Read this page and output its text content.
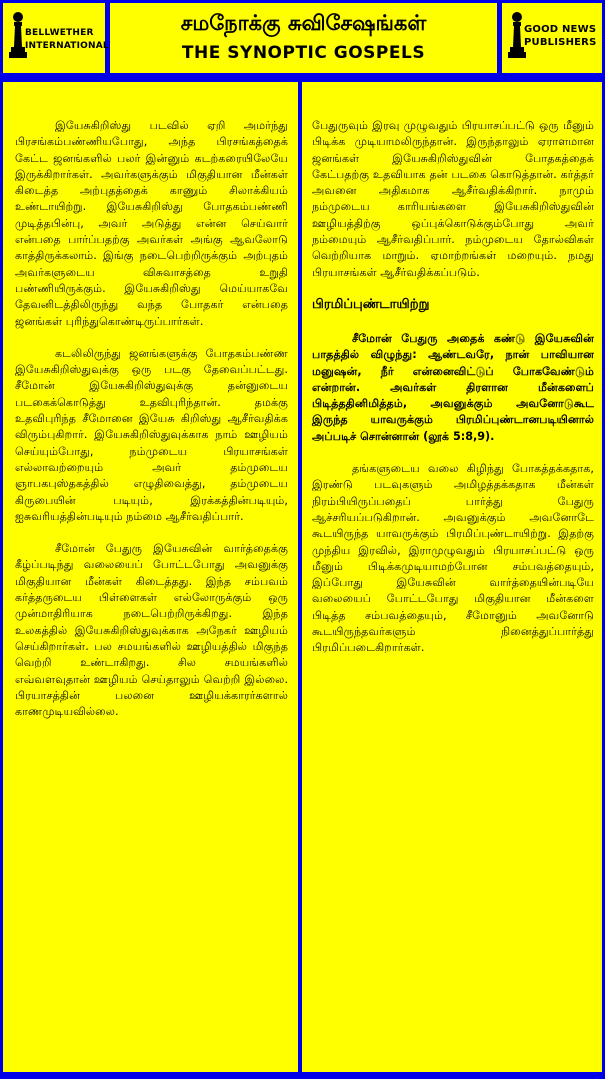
BELLWETHER
INTERNATIONAL
சமநோக்கு சுவிசேஷங்கள்
THE SYNOPTIC GOSPELS
GOOD NEWS
PUBLISHERS

இயேசுகிறிஸ்து படவில் ஏறி அமர்ந்து பிரசங்கம்பண்ணியபோது, அந்த பிரசங்கத்தைக் கேட்ட ஜனங்களில் பலர் இன்னும் கடற்கரையிலேயே இருக்கிறார்கள். அவர்களுக்கும் மிகுதியான மீன்கள் கிடைத்த அற்புதத்தைக் காணும் சிலாக்கியம் உண்டாயிற்று. இயேசுகிறிஸ்து போதகம்பண்ணி முடித்தபின்பு, அவர் அடுத்து என்ன செய்வார் என்பதை பார்ப்பதற்கு அவர்கள் அங்கு ஆவலோடு காத்திருக்கலாம். இங்கு நடைபெற்றிருக்கும் அற்புதம் அவர்களுடைய விசுவாசத்தை உறுதி பண்ணியிருக்கும். இயேசுகிறிஸ்து மெய்யாகவே தேவனிடத்திலிருந்து வந்த போதகர் என்பதை ஜனங்கள் புரிந்துகொண்டிருப்பார்கள்.

கடலிலிருந்து ஜனங்களுக்கு போதகம்பண்ண இயேசுகிறிஸ்துவுக்கு ஒரு படகு தேவைப்பட்டது. சீமோன் இயேசுகிறிஸ்துவுக்கு தன்னுடைய படகைக்கொடுத்து உதவிபுரிந்தான். தமக்கு உதவிபுரிந்த சீமோனை இயேசு கிறிஸ்து ஆசீர்வதிக்க விரும்புகிறார். இயேசுகிறிஸ்துவுக்காக நாம் ஊழியம் செய்யும்போது, நம்முடைய பிரயாசங்கள் எல்லாவற்றையும் அவர் தம்முடைய ஞாபகபுஸ்தகத்தில் எழுதிவைத்து, தம்முடைய கிருபையின் படியும், இரக்கத்தின்படியும், ஐசுவரியத்தின்படியும் நம்மை ஆசீர்வதிப்பார்.

சீமோன் பேதுரு இயேசுவின் வார்த்தைக்கு கீழ்ப்படிந்து வலையைப் போட்டபோது அவனுக்கு மிகுதியான மீன்கள் கிடைத்தது. இந்த சம்பவம் கர்த்தருடைய பிள்ளைகள் எல்லோருக்கும் ஒரு முன்மாதிரியாக நடைபெற்றிருக்கிறது. இந்த உலகத்தில் இயேசுகிறிஸ்துவுக்காக அநேகர் ஊழியம் செய்கிறார்கள். பல சமயங்களில் ஊழியத்தில் மிகுந்த வெற்றி உண்டாகிறது. சில சமயங்களில் எவ்வளவுதான் ஊழியம் செய்தாலும் வெற்றி இல்லை. பிரயாசத்தின் பலனை ஊழியக்காரர்களால் காணமுடியவில்லை.

பேதுருவும் இரவு முழுவதும் பிரயாசப்பட்டு ஒரு மீனும் பிடிக்க முடியாமலிருந்தான். இருந்தாலும் ஏராளமான ஜனங்கள் இயேசுகிறிஸ்துவின் போதகத்தைக் கேட்பதற்கு உதவியாக தன் படகை கொடுத்தான். கர்த்தர் அவனை அதிகமாக ஆசீர்வதிக்கிறார். நாமும் நம்முடைய காரியங்களை இயேசுகிறிஸ்துவின் ஊழியத்திற்கு ஒப்புக்கொடுக்கும்போது அவர் நம்மையும் ஆசீர்வதிப்பார். நம்முடைய தோல்விகள் வெற்றியாக மாறும். ஏமாற்றங்கள் மறையும். நமது பிரயாசங்கள் ஆசீர்வதிக்கப்படும்.

பிரமிப்புண்டாயிற்று

சீமோன் பேதுரு அதைக் கண்டு இயேசுவின் பாதத்தில் விழுந்து: ஆண்டவரே, நான் பாவியான மனுஷன், நீர் என்னைவிட்டுப் போகவேண்டும் என்றான். அவர்கள் திரளான மீன்களைப் பிடித்ததினிமித்தம், அவனுக்கும் அவனோடுகூட இருந்த யாவருக்கும் பிரமிப்புண்டானபடியினால் அப்படிச் சொன்னான் (லூக் 5:8,9).

தங்களுடைய வலை கிழிந்து போகத்தக்கதாக, இரண்டு படவுகளும் அமிழத்தக்கதாக மீன்கள் நிரம்பியிருப்பதைப் பார்த்து பேதுரு ஆச்சரியப்படுகிறான். அவனுக்கும் அவனோடே கூடயிருந்த யாவருக்கும் பிரமிப்புண்டாயிற்று. இதற்கு முந்திய இரவில், இராமுழுவதும் பிரயாசப்பட்டு ஒரு மீனும் பிடிக்கமுடியாமற்போன சம்பவத்தையும், இப்போது இயேசுவின் வார்த்தையின்படியே வலையைப் போட்டபோது மிகுதியான மீன்களை பிடித்த சம்பவத்தையும், சீமோனும் அவனோடு கூடயிருந்தவர்களும் நினைத்துப்பார்த்து பிரமிப்படைகிறார்கள்.
